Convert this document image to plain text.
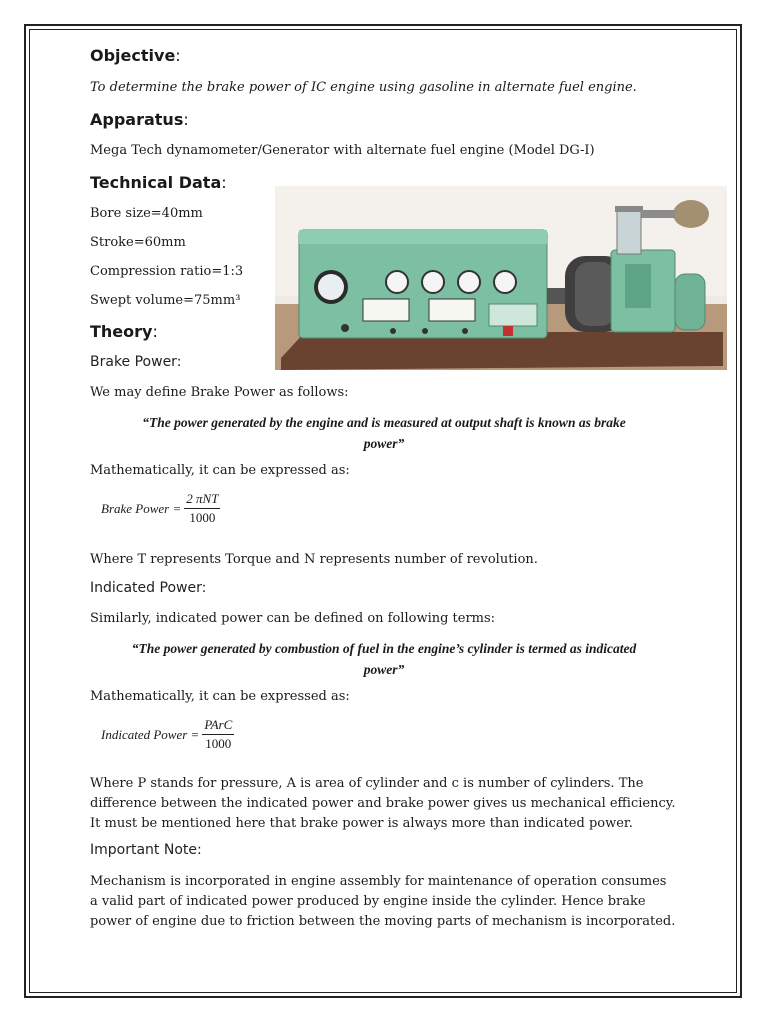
Objective:
To determine the brake power of IC engine using gasoline in alternate fuel engine.
Apparatus:
Mega Tech dynamometer/Generator with alternate fuel engine (Model DG-I)
Technical Data:
Bore size=40mm
Stroke=60mm
Compression ratio=1:3
Swept volume=75mm³
Theory:
Brake Power:
We may define Brake Power as follows:
“The power generated by the engine and is measured at output shaft is known as brake
power”
Mathematically, it can be expressed as:
Brake Power = $\frac{\text{2 πNT}}{1000}$
Where T represents Torque and N represents number of revolution.
Indicated Power:
Similarly, indicated power can be defined on following terms:
“The power generated by combustion of fuel in the engine’s cylinder is termed as indicated
power”
Mathematically, it can be expressed as:
Indicated Power = $\frac{\text{PArC}}{1000}$
Where P stands for pressure, A is area of cylinder and c is number of cylinders. The
difference between the indicated power and brake power gives us mechanical efficiency.
It must be mentioned here that brake power is always more than indicated power.
Important Note:
Mechanism is incorporated in engine assembly for maintenance of operation consumes
a valid part of indicated power produced by engine inside the cylinder. Hence brake
power of engine due to friction between the moving parts of mechanism is incorporated.
